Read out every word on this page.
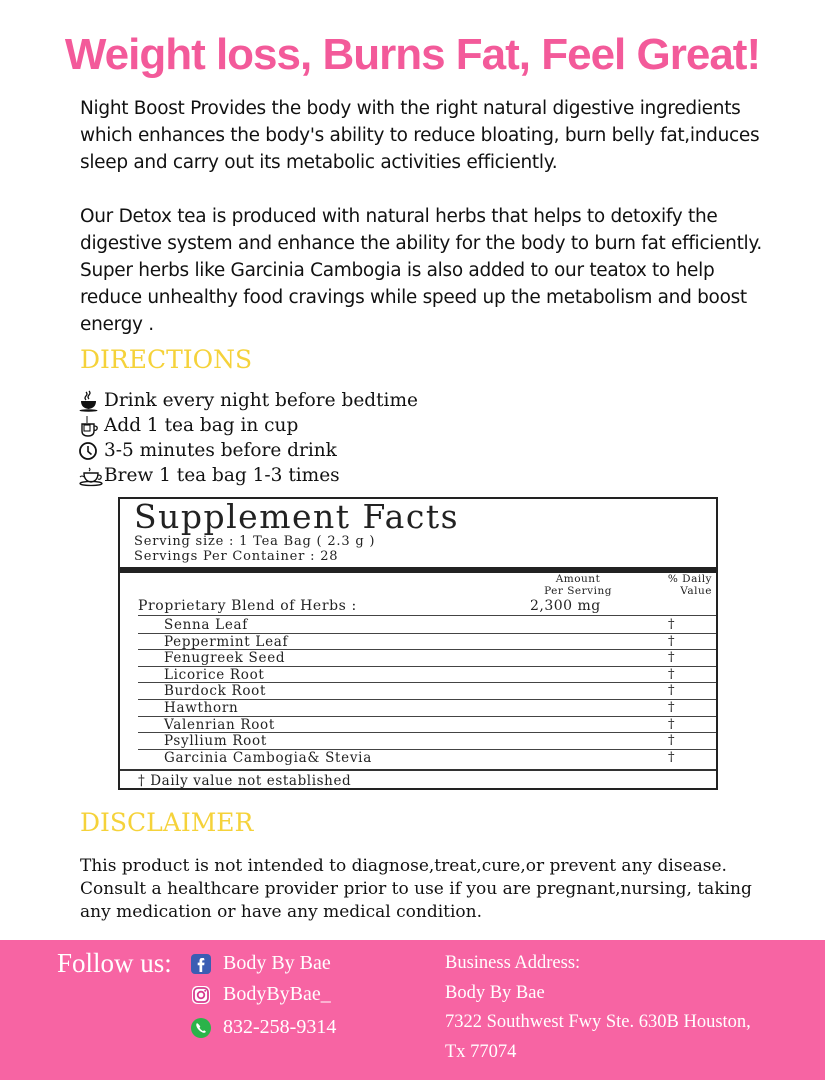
Weight loss, Burns Fat, Feel Great!

Night Boost Provides the body with the right natural digestive ingredients which enhances the body's ability to reduce bloating, burn belly fat,induces sleep and carry out its metabolic activities efficiently.

Our Detox tea is produced with natural herbs that helps to detoxify the digestive system and enhance the ability for the body to burn fat efficiently. Super herbs like Garcinia Cambogia is also added to our teatox to help reduce unhealthy food cravings while speed up the metabolism and boost energy .

DIRECTIONS
Drink every night before bedtime
Add 1 tea bag in cup
3-5 minutes before drink
Brew 1 tea bag 1-3 times
Supplement Facts
Serving size : 1 Tea Bag ( 2.3 g )
Servings Per Container : 28
Amount
Per Serving
% Daily
Value
Proprietary Blend of Herbs :	2,300 mg
Senna Leaf	†
Peppermint Leaf	†
Fenugreek Seed	†
Licorice Root	†
Burdock Root	†
Hawthorn	†
Valenrian Root	†
Psyllium Root	†
Garcinia Cambogia& Stevia	†
† Daily value not established
DISCLAIMER
This product is not intended to diagnose,treat,cure,or prevent any disease. Consult a healthcare provider prior to use if you are pregnant,nursing, taking any medication or have any medical condition.
Follow us:	Body By Bae
BodyByBae_
832-258-9314
Business Address:
Body By Bae
7322 Southwest Fwy Ste. 630B Houston,
Tx 77074
